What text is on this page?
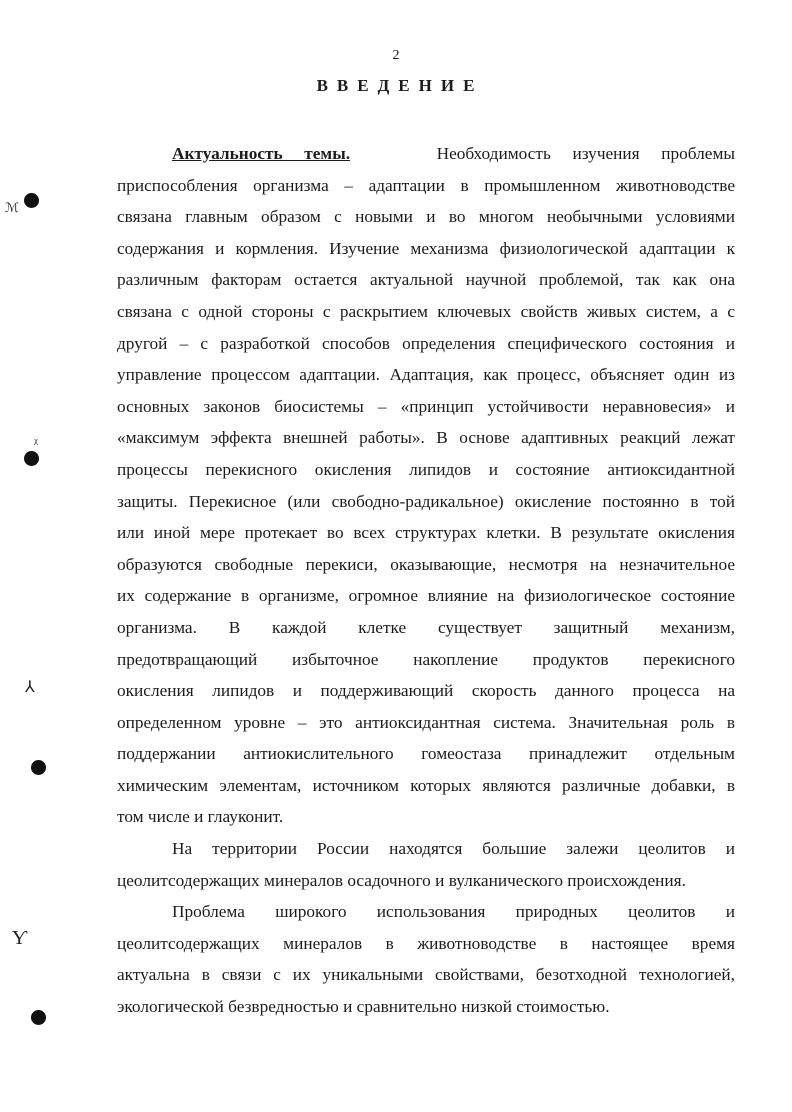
2
ВВЕДЕНИЕ
ℳ
ᵡ
⅄
Ƴ
Актуальность темы.	Необходимость изучения проблемы
приспособления организма – адаптации в промышленном животноводстве
связана главным образом с новыми и во многом необычными условиями
содержания и кормления. Изучение механизма физиологической адаптации к
различным факторам остается актуальной научной проблемой, так как она
связана с одной стороны с раскрытием ключевых свойств живых систем, а с
другой – с разработкой способов определения специфического состояния и
управление процессом адаптации. Адаптация, как процесс, объясняет один из
основных законов биосистемы – «принцип устойчивости неравновесия» и
«максимум эффекта внешней работы». В основе адаптивных реакций лежат
процессы перекисного окисления липидов и состояние антиоксидантной
защиты. Перекисное (или свободно-радикальное) окисление постоянно в той
или иной мере протекает во всех структурах клетки. В результате окисления
образуются свободные перекиси, оказывающие, несмотря на незначительное
их содержание в организме, огромное влияние на физиологическое состояние
организма. В каждой клетке существует защитный механизм,
предотвращающий избыточное накопление продуктов перекисного
окисления липидов и поддерживающий скорость данного процесса на
определенном уровне – это антиоксидантная система. Значительная роль в
поддержании антиокислительного гомеостаза принадлежит отдельным
химическим элементам, источником которых являются различные добавки, в
том числе и глауконит.
На территории России находятся большие залежи цеолитов и
цеолитсодержащих минералов осадочного и вулканического происхождения.
Проблема широкого использования природных цеолитов и
цеолитсодержащих минералов в животноводстве в настоящее время
актуальна в связи с их уникальными свойствами, безотходной технологией,
экологической безвредностью и сравнительно низкой стоимостью.
